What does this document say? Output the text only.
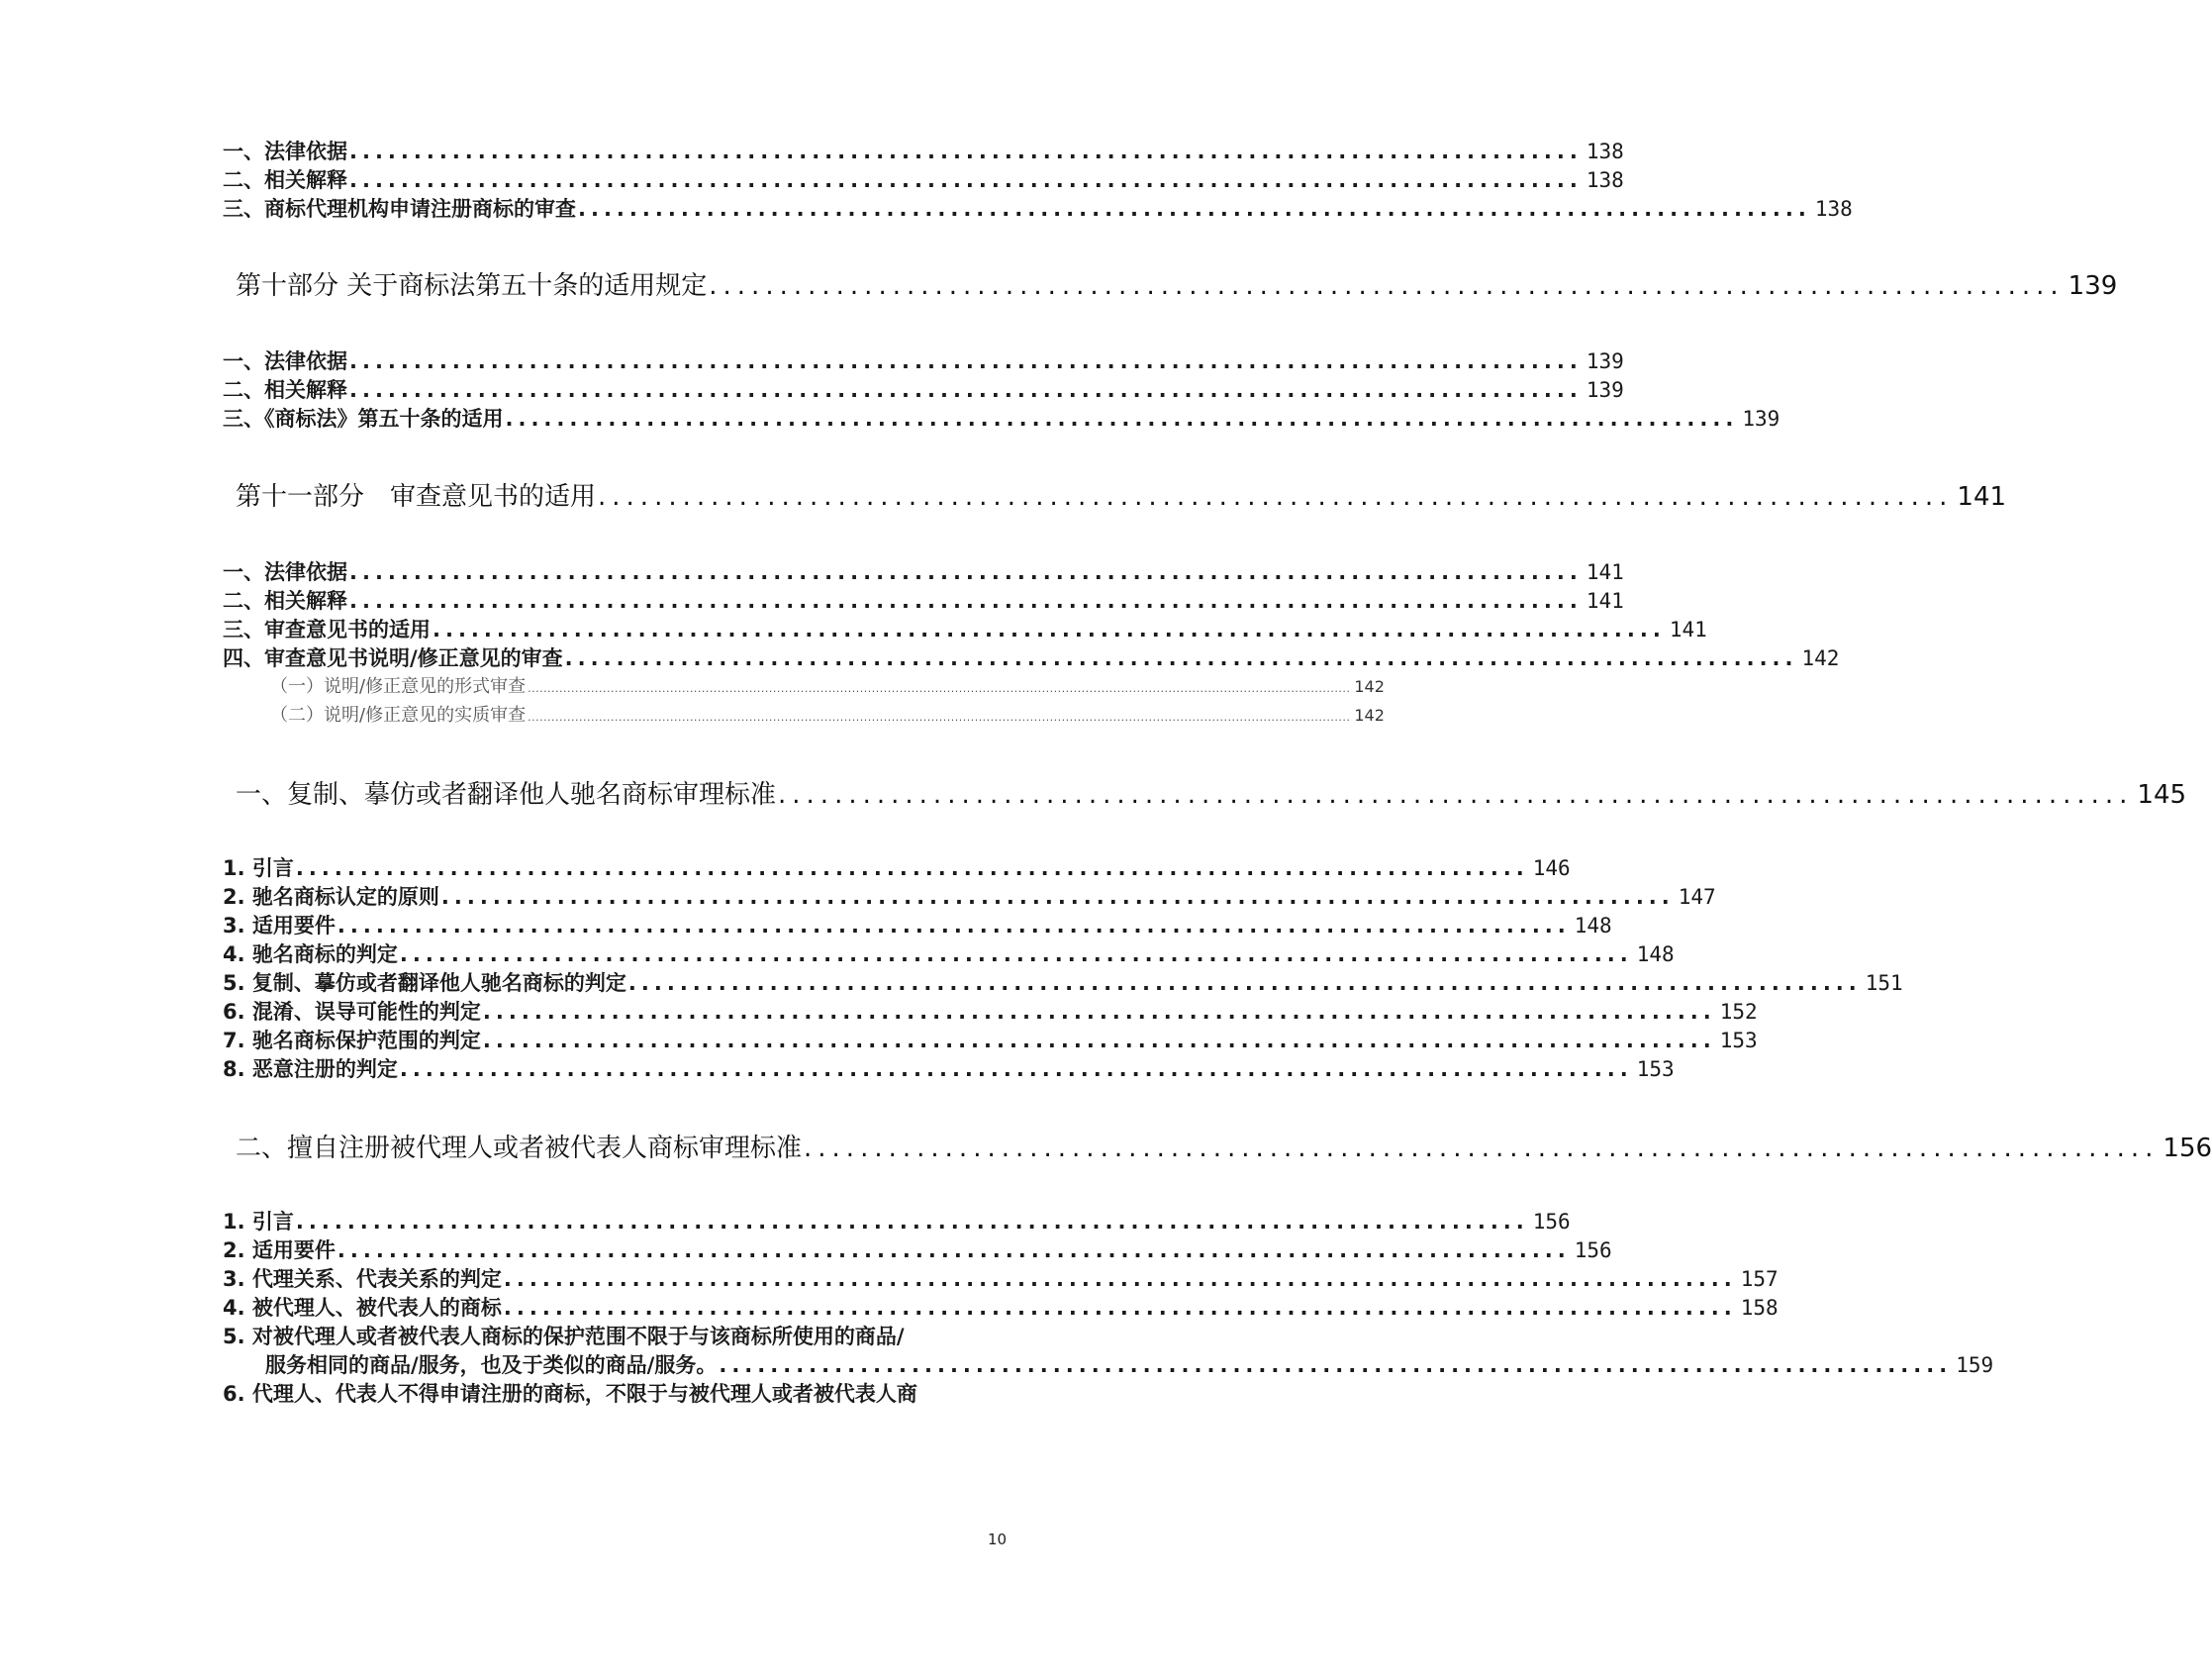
一、法律依据 ................................................................................................ 138
二、相关解释 ................................................................................................ 138
三、商标代理机构申请注册商标的审查 ................................................................................................ 138
第十部分 关于商标法第五十条的适用规定 ................................................................................................ 139
一、法律依据 ................................................................................................ 139
二、相关解释 ................................................................................................ 139
三、《商标法》第五十条的适用 ................................................................................................ 139
第十一部分　审查意见书的适用 ................................................................................................ 141
一、法律依据 ................................................................................................ 141
二、相关解释 ................................................................................................ 141
三、审查意见书的适用 ................................................................................................ 141
四、审查意见书说明/修正意见的审查 ................................................................................................ 142
（一）说明/修正意见的形式审查 ................................................................................................................................................................................................................ 142
（二）说明/修正意见的实质审查 ................................................................................................................................................................................................................ 142
一、复制、摹仿或者翻译他人驰名商标审理标准 ................................................................................................ 145
1. 引言 ................................................................................................ 146
2. 驰名商标认定的原则 ................................................................................................ 147
3. 适用要件 ................................................................................................ 148
4. 驰名商标的判定 ................................................................................................ 148
5. 复制、摹仿或者翻译他人驰名商标的判定 ................................................................................................ 151
6. 混淆、误导可能性的判定 ................................................................................................ 152
7. 驰名商标保护范围的判定 ................................................................................................ 153
8. 恶意注册的判定 ................................................................................................ 153
二、擅自注册被代理人或者被代表人商标审理标准 ................................................................................................ 156
1. 引言 ................................................................................................ 156
2. 适用要件 ................................................................................................ 156
3. 代理关系、代表关系的判定 ................................................................................................ 157
4. 被代理人、被代表人的商标 ................................................................................................ 158
5. 对被代理人或者被代表人商标的保护范围不限于与该商标所使用的商品/
服务相同的商品/服务，也及于类似的商品/服务。 ................................................................................................ 159
6. 代理人、代表人不得申请注册的商标，不限于与被代理人或者被代表人商
10
